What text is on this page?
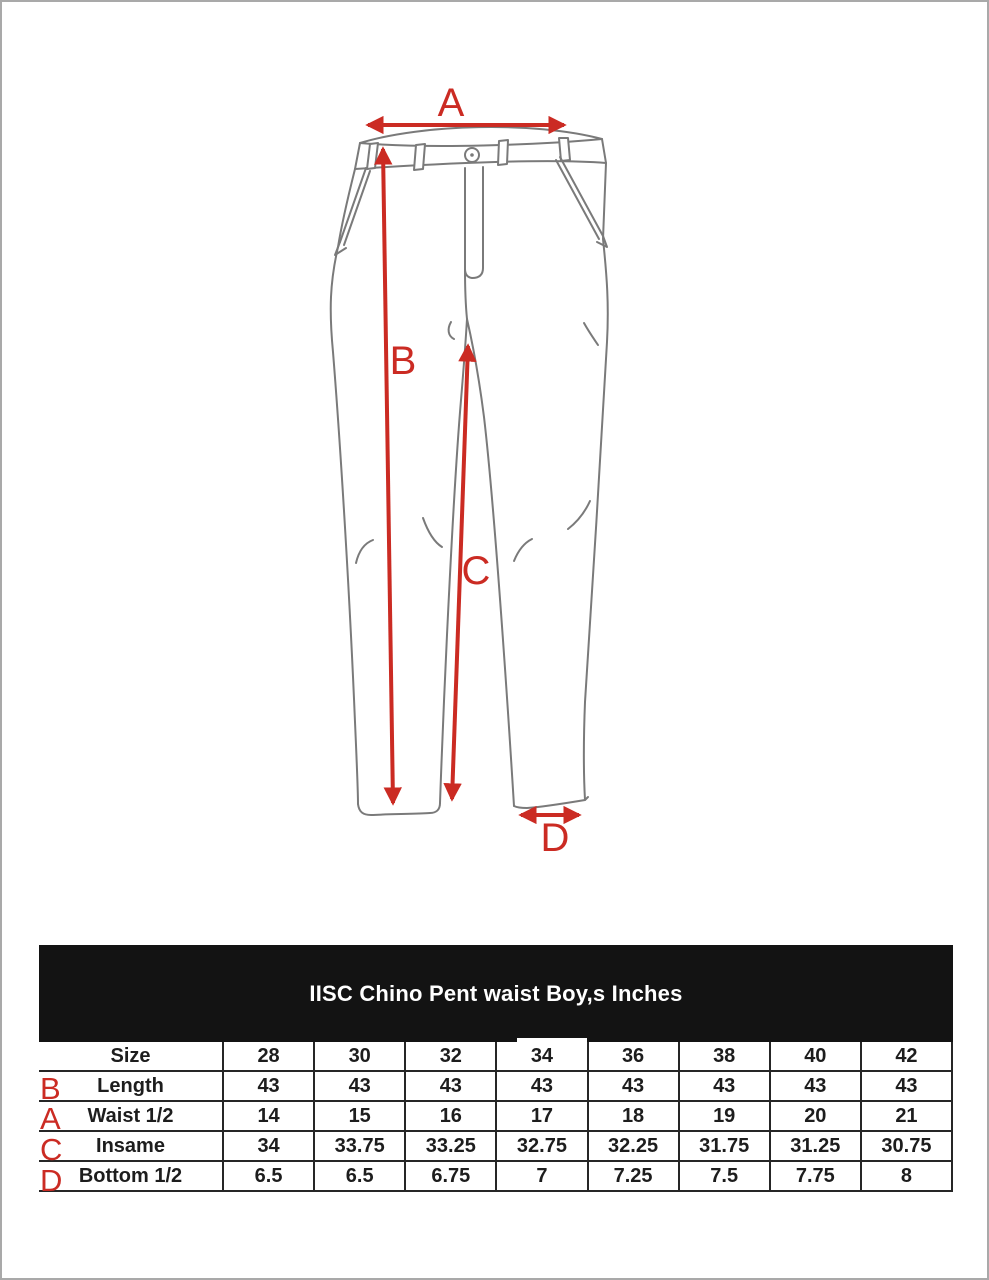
A
B
C
D
IISC Chino Pent waist Boy,s Inches
Size	28	30	32	34	36	38	40	42
Length	43	43	43	43	43	43	43	43
Waist 1/2	14	15	16	17	18	19	20	21
Insame	34	33.75	33.25	32.75	32.25	31.75	31.25	30.75
Bottom 1/2	6.5	6.5	6.75	7	7.25	7.5	7.75	8
B
A
C
D
